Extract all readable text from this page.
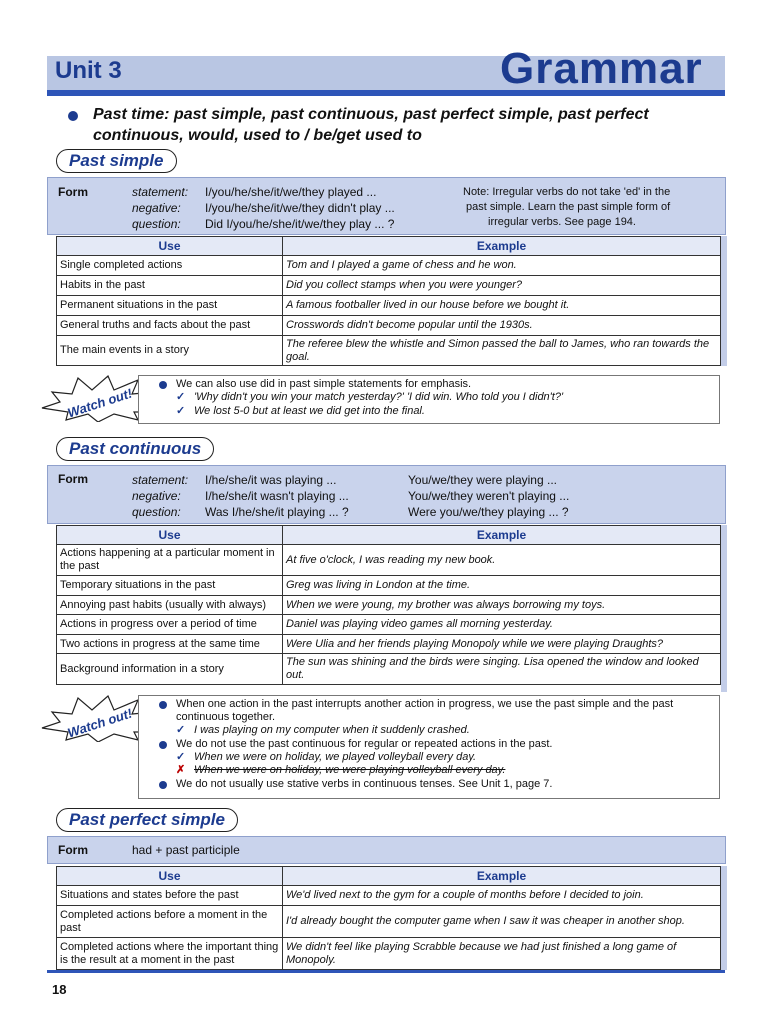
Unit 3	Grammar
Past time: past simple, past continuous, past perfect simple, past perfect continuous, would, used to / be/get used to
Past simple
Form	statement: I/you/he/she/it/we/they played ...
negative: I/you/he/she/it/we/they didn't play ...
question: Did I/you/he/she/it/we/they play ... ?
Note: Irregular verbs do not take 'ed' in the
past simple. Learn the past simple form of
irregular verbs. See page 194.
Use	Example
Single completed actions	Tom and I played a game of chess and he won.
Habits in the past	Did you collect stamps when you were younger?
Permanent situations in the past	A famous footballer lived in our house before we bought it.
General truths and facts about the past	Crosswords didn't become popular until the 1930s.
The main events in a story	The referee blew the whistle and Simon passed the ball to James, who ran towards the goal.
Watch out!
We can also use did in past simple statements for emphasis.
✓ 'Why didn't you win your match yesterday?' 'I did win. Who told you I didn't?'
✓ We lost 5-0 but at least we did get into the final.
Past continuous
Form	statement: I/he/she/it was playing ...	You/we/they were playing ...
negative: I/he/she/it wasn't playing ...	You/we/they weren't playing ...
question: Was I/he/she/it playing ... ?	Were you/we/they playing ... ?
Use	Example
Actions happening at a particular moment in the past	At five o'clock, I was reading my new book.
Temporary situations in the past	Greg was living in London at the time.
Annoying past habits (usually with always)	When we were young, my brother was always borrowing my toys.
Actions in progress over a period of time	Daniel was playing video games all morning yesterday.
Two actions in progress at the same time	Were Ulia and her friends playing Monopoly while we were playing Draughts?
Background information in a story	The sun was shining and the birds were singing. Lisa opened the window and looked out.
Watch out!
When one action in the past interrupts another action in progress, we use the past simple and the past
continuous together.
✓ I was playing on my computer when it suddenly crashed.
We do not use the past continuous for regular or repeated actions in the past.
✓ When we were on holiday, we played volleyball every day.
✗ When we were on holiday, we were playing volleyball every day.
We do not usually use stative verbs in continuous tenses. See Unit 1, page 7.
Past perfect simple
Form	had + past participle
Use	Example
Situations and states before the past	We'd lived next to the gym for a couple of months before I decided to join.
Completed actions before a moment in the past	I'd already bought the computer game when I saw it was cheaper in another shop.
Completed actions where the important thing is the result at a moment in the past	We didn't feel like playing Scrabble because we had just finished a long game of Monopoly.
18
